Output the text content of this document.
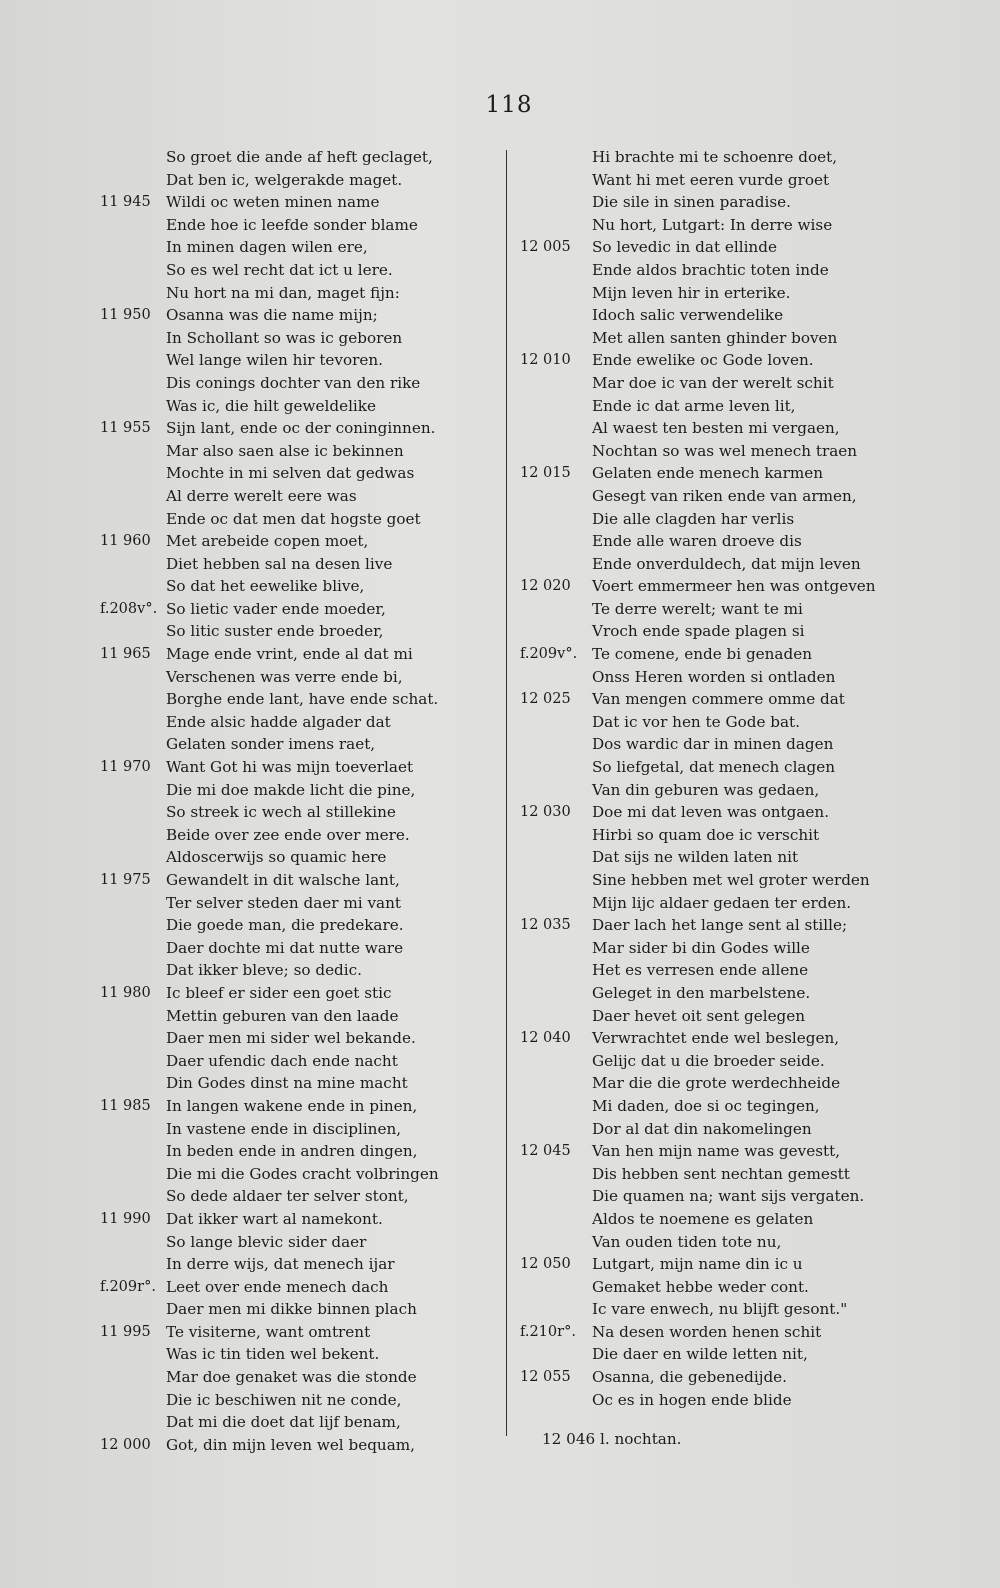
118
So groet die ande af heft geclaget,
Dat ben ic, welgerakde maget.
11 945 Wildi oc weten minen name
Ende hoe ic leefde sonder blame
In minen dagen wilen ere,
So es wel recht dat ict u lere.
Nu hort na mi dan, maget fijn:
11 950 Osanna was die name mijn;
In Schollant so was ic geboren
Wel lange wilen hir tevoren.
Dis conings dochter van den rike
Was ic, die hilt geweldelike
11 955 Sijn lant, ende oc der coninginnen.
Mar also saen alse ic bekinnen
Mochte in mi selven dat gedwas
Al derre werelt eere was
Ende oc dat men dat hogste goet
11 960 Met arebeide copen moet,
Diet hebben sal na desen live
So dat het eewelike blive,
f.208v°. So lietic vader ende moeder,
So litic suster ende broeder,
11 965 Mage ende vrint, ende al dat mi
Verschenen was verre ende bi,
Borghe ende lant, have ende schat.
Ende alsic hadde algader dat
Gelaten sonder imens raet,
11 970 Want Got hi was mijn toeverlaet
Die mi doe makde licht die pine,
So streek ic wech al stillekine
Beide over zee ende over mere.
Aldoscerwijs so quamic here
11 975 Gewandelt in dit walsche lant,
Ter selver steden daer mi vant
Die goede man, die predekare.
Daer dochte mi dat nutte ware
Dat ikker bleve; so dedic.
11 980 Ic bleef er sider een goet stic
Mettin geburen van den laade
Daer men mi sider wel bekande.
Daer ufendic dach ende nacht
Din Godes dinst na mine macht
11 985 In langen wakene ende in pinen,
In vastene ende in disciplinen,
In beden ende in andren dingen,
Die mi die Godes cracht volbringen
So dede aldaer ter selver stont,
11 990 Dat ikker wart al namekont.
So lange blevic sider daer
In derre wijs, dat menech ijar
f.209r°. Leet over ende menech dach
Daer men mi dikke binnen plach
11 995 Te visiterne, want omtrent
Was ic tin tiden wel bekent.
Mar doe genaket was die stonde
Die ic beschiwen nit ne conde,
Dat mi die doet dat lijf benam,
12 000 Got, din mijn leven wel bequam,
Hi brachte mi te schoenre doet,
Want hi met eeren vurde groet
Die sile in sinen paradise.
Nu hort, Lutgart: In derre wise
12 005 So levedic in dat ellinde
Ende aldos brachtic toten inde
Mijn leven hir in erterike.
Idoch salic verwendelike
Met allen santen ghinder boven
12 010 Ende ewelike oc Gode loven.
Mar doe ic van der werelt schit
Ende ic dat arme leven lit,
Al waest ten besten mi vergaen,
Nochtan so was wel menech traen
12 015 Gelaten ende menech karmen
Gesegt van riken ende van armen,
Die alle clagden har verlis
Ende alle waren droeve dis
Ende onverduldech, dat mijn leven
12 020 Voert emmermeer hen was ontgeven
Te derre werelt; want te mi
Vroch ende spade plagen si
f.209v°. Te comene, ende bi genaden
Onss Heren worden si ontladen
12 025 Van mengen commere omme dat
Dat ic vor hen te Gode bat.
Dos wardic dar in minen dagen
So liefgetal, dat menech clagen
Van din geburen was gedaen,
12 030 Doe mi dat leven was ontgaen.
Hirbi so quam doe ic verschit
Dat sijs ne wilden laten nit
Sine hebben met wel groter werden
Mijn lijc aldaer gedaen ter erden.
12 035 Daer lach het lange sent al stille;
Mar sider bi din Godes wille
Het es verresen ende allene
Geleget in den marbelstene.
Daer hevet oit sent gelegen
12 040 Verwrachtet ende wel beslegen,
Gelijc dat u die broeder seide.
Mar die die grote werdechheide
Mi daden, doe si oc tegingen,
Dor al dat din nakomelingen
12 045 Van hen mijn name was gevestt,
Dis hebben sent nechtan gemestt
Die quamen na; want sijs vergaten.
Aldos te noemene es gelaten
Van ouden tiden tote nu,
12 050 Lutgart, mijn name din ic u
Gemaket hebbe weder cont.
Ic vare enwech, nu blijft gesont."
f.210r°. Na desen worden henen schit
Die daer en wilde letten nit,
12 055 Osanna, die gebenedijde.
Oc es in hogen ende blide
12 046 l. nochtan.
